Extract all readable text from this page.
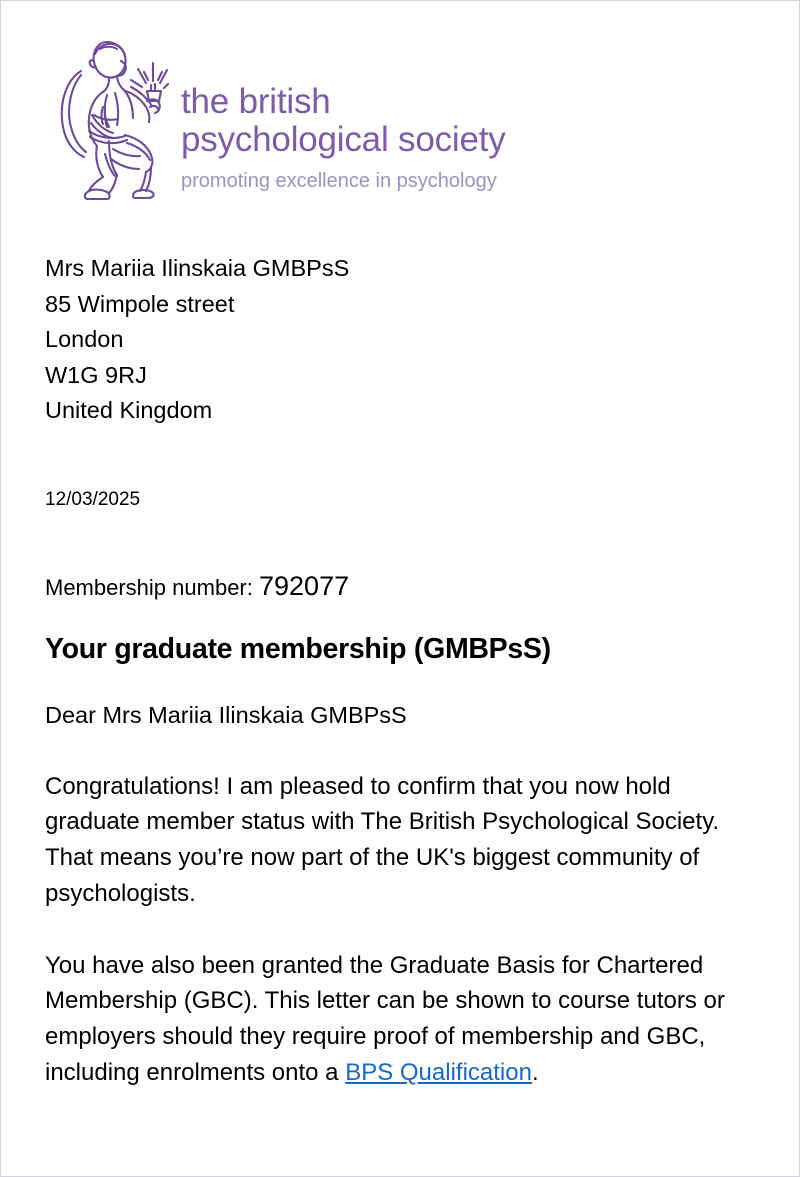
the british
psychological society
promoting excellence in psychology
Mrs Mariia Ilinskaia GMBPsS
85 Wimpole street
London
W1G 9RJ
United Kingdom
12/03/2025
Membership number: 792077
Your graduate membership (GMBPsS)
Dear Mrs Mariia Ilinskaia GMBPsS

Congratulations! I am pleased to confirm that you now hold graduate member status with The British Psychological Society. That means you’re now part of the UK's biggest community of psychologists.

You have also been granted the Graduate Basis for Chartered Membership (GBC). This letter can be shown to course tutors or employers should they require proof of membership and GBC, including enrolments onto a BPS Qualification.
